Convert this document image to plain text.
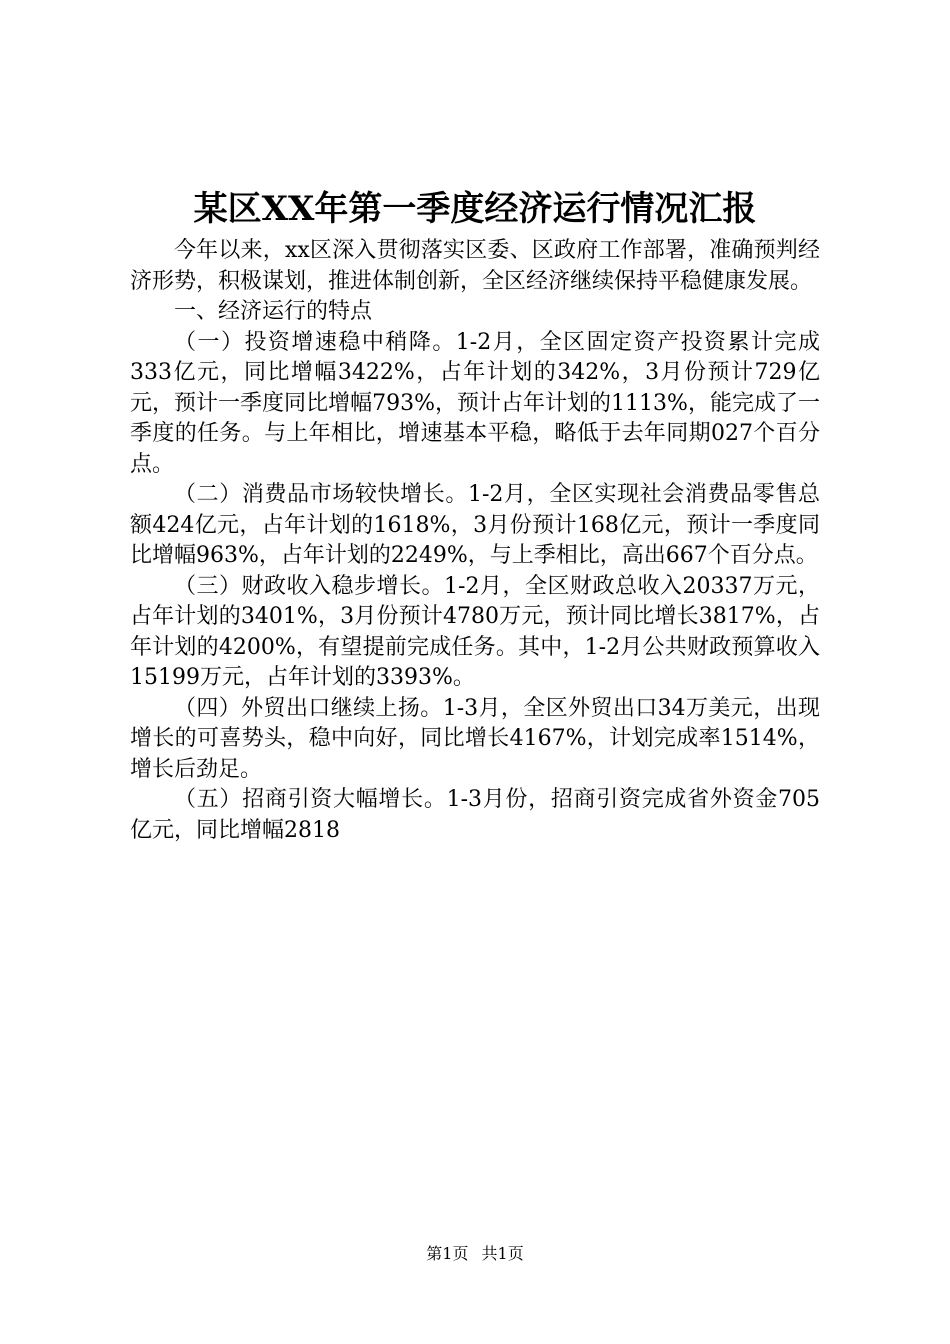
某区XX年第一季度经济运行情况汇报

今年以来，xx区深入贯彻落实区委、区政府工作部署，准确预判经济形势，积极谋划，推进体制创新，全区经济继续保持平稳健康发展。

一、经济运行的特点

（一）投资增速稳中稍降。1-2月，全区固定资产投资累计完成333亿元，同比增幅3422%，占年计划的342%，3月份预计729亿元，预计一季度同比增幅793%，预计占年计划的1113%，能完成了一季度的任务。与上年相比，增速基本平稳，略低于去年同期027个百分点。

（二）消费品市场较快增长。1-2月，全区实现社会消费品零售总额424亿元，占年计划的1618%，3月份预计168亿元，预计一季度同比增幅963%，占年计划的2249%，与上季相比，高出667个百分点。

（三）财政收入稳步增长。1-2月，全区财政总收入20337万元，占年计划的3401%，3月份预计4780万元，预计同比增长3817%，占年计划的4200%，有望提前完成任务。其中，1-2月公共财政预算收入15199万元，占年计划的3393%。

（四）外贸出口继续上扬。1-3月，全区外贸出口34万美元，出现增长的可喜势头，稳中向好，同比增长4167%，计划完成率1514%，增长后劲足。

（五）招商引资大幅增长。1-3月份，招商引资完成省外资金705亿元，同比增幅2818

第1页 共1页
